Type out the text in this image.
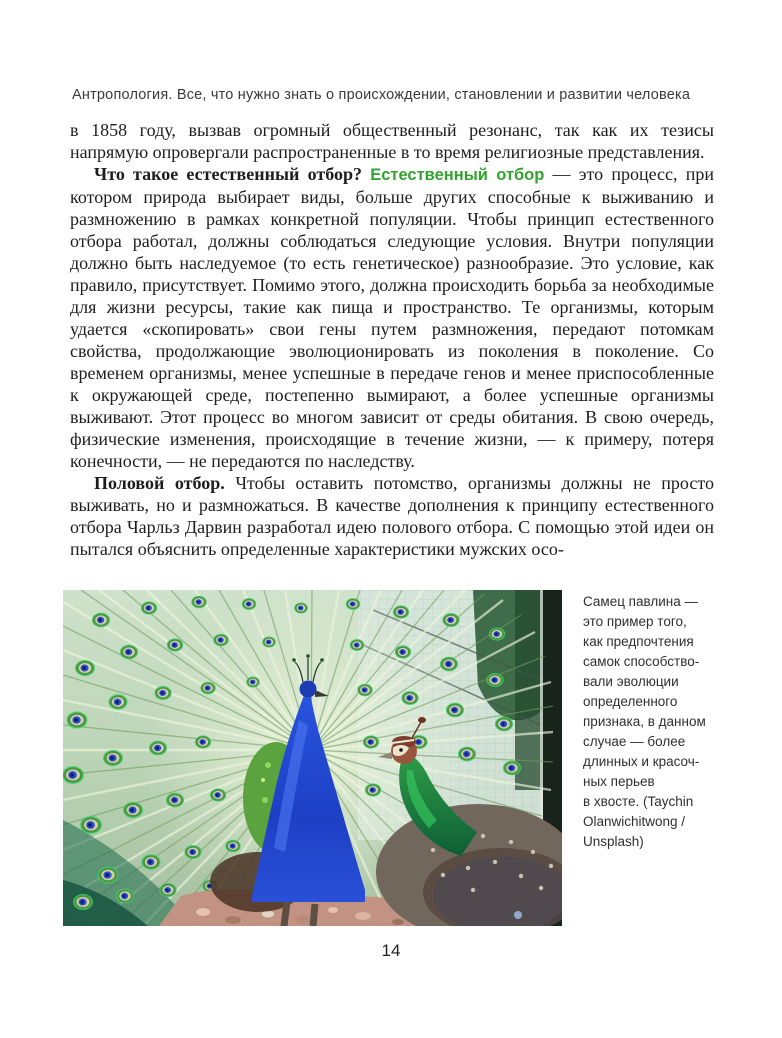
Антропология. Все, что нужно знать о происхождении, становлении и развитии человека

в 1858 году, вызвав огромный общественный резонанс, так как их тезисы напрямую опровергали распространенные в то время религиозные представления.

Что такое естественный отбор? Естественный отбор — это процесс, при котором природа выбирает виды, больше других способные к выживанию и размножению в рамках конкретной популяции. Чтобы принцип естественного отбора работал, должны соблюдаться следующие условия. Внутри популяции должно быть наследуемое (то есть генетическое) разнообразие. Это условие, как правило, присутствует. Помимо этого, должна происходить борьба за необходимые для жизни ресурсы, такие как пища и пространство. Те организмы, которым удается «скопировать» свои гены путем размножения, передают потомкам свойства, продолжающие эволюционировать из поколения в поколение. Со временем организмы, менее успешные в передаче генов и менее приспособленные к окружающей среде, постепенно вымирают, а более успешные организмы выживают. Этот процесс во многом зависит от среды обитания. В свою очередь, физические изменения, происходящие в течение жизни, — к примеру, потеря конечности, — не передаются по наследству.

Половой отбор. Чтобы оставить потомство, организмы должны не просто выживать, но и размножаться. В качестве дополнения к принципу естественного отбора Чарльз Дарвин разработал идею полового отбора. С помощью этой идеи он пытался объяснить определенные характеристики мужских осо-

Самец павлина —
это пример того,
как предпочтения
самок способство-
вали эволюции
определенного
признака, в данном
случае — более
длинных и красоч-
ных перьев
в хвосте. (Taychin
Olanwichitwong /
Unsplash)
14
